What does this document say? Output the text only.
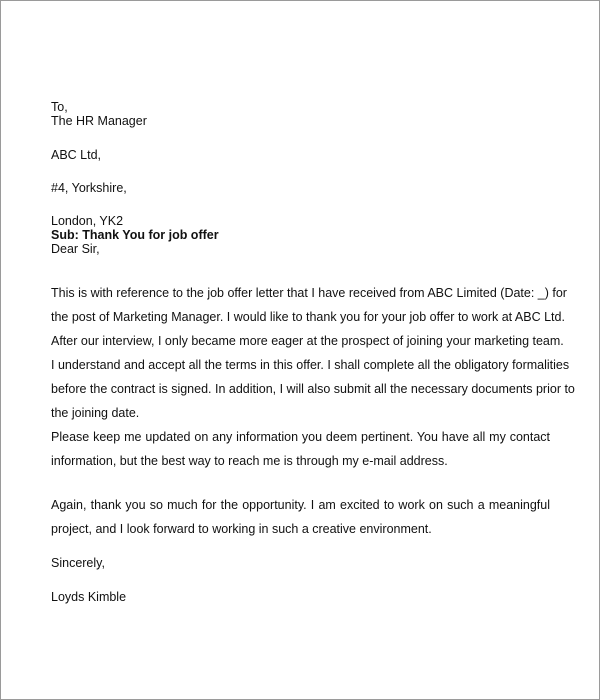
To,
The HR Manager
ABC Ltd,
#4, Yorkshire,
London, YK2
Sub: Thank You for job offer
Dear Sir,
This is with reference to the job offer letter that I have received from ABC Limited (Date: _) for
the post of Marketing Manager. I would like to thank you for your job offer to work at ABC Ltd.
After our interview, I only became more eager at the prospect of joining your marketing team.
I understand and accept all the terms in this offer. I shall complete all the obligatory formalities
before the contract is signed. In addition, I will also submit all the necessary documents prior to
the joining date.
Please keep me updated on any information you deem pertinent. You have all my contact
information, but the best way to reach me is through my e-mail address.
Again, thank you so much for the opportunity. I am excited to work on such a meaningful
project, and I look forward to working in such a creative environment.
Sincerely,
Loyds Kimble
